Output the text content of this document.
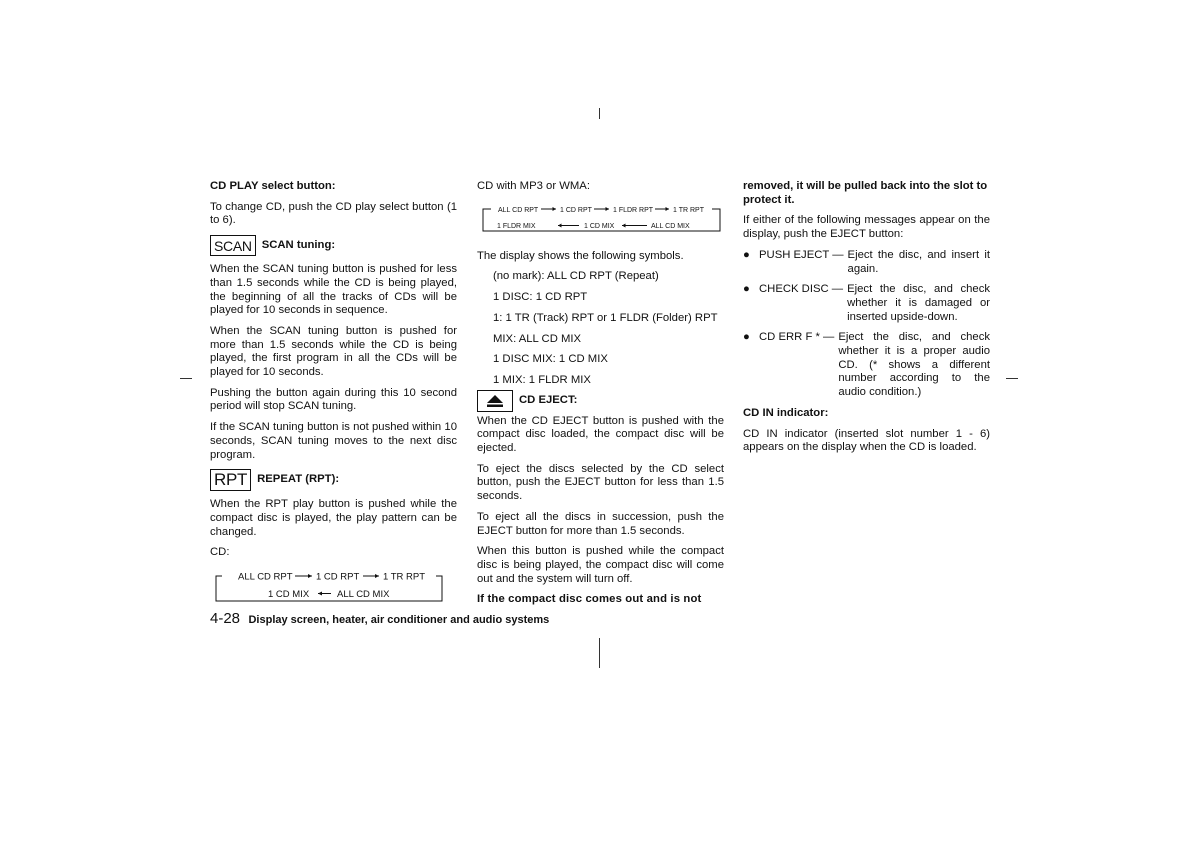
CD PLAY select button:

To change CD, push the CD play select button (1 to 6).

SCAN SCAN tuning:

When the SCAN tuning button is pushed for less than 1.5 seconds while the CD is being played, the beginning of all the tracks of CDs will be played for 10 seconds in sequence.

When the SCAN tuning button is pushed for more than 1.5 seconds while the CD is being played, the first program in all the CDs will be played for 10 seconds.

Pushing the button again during this 10 second period will stop SCAN tuning.

If the SCAN tuning button is not pushed within 10 seconds, SCAN tuning moves to the next disc program.

RPT REPEAT (RPT):

When the RPT play button is pushed while the compact disc is played, the play pattern can be changed.

CD:

ALL CD RPT 1 CD RPT 1 TR RPT
1 CD MIX	ALL CD MIX

CD with MP3 or WMA:

ALL CD RPT	1 CD RPT	1 FLDR RPT	1 TR RPT
1 FLDR MIX	1 CD MIX	ALL CD MIX

The display shows the following symbols.

(no mark): ALL CD RPT (Repeat)

1 DISC: 1 CD RPT

1: 1 TR (Track) RPT or 1 FLDR (Folder) RPT

MIX: ALL CD MIX

1 DISC MIX: 1 CD MIX

1 MIX: 1 FLDR MIX

CD EJECT:

When the CD EJECT button is pushed with the compact disc loaded, the compact disc will be ejected.

To eject the discs selected by the CD select button, push the EJECT button for less than 1.5 seconds.

To eject all the discs in succession, push the EJECT button for more than 1.5 seconds.

When this button is pushed while the compact disc is being played, the compact disc will come out and the system will turn off.

If the compact disc comes out and is not

removed, it will be pulled back into the slot to protect it.

If either of the following messages appear on the display, push the EJECT button:

● PUSH EJECT — Eject the disc, and insert it again.
● CHECK DISC — Eject the disc, and check whether it is damaged or inserted upside-down.
● CD ERR F * — Eject the disc, and check whether it is a proper audio CD. (* shows a different number according to the audio condition.)
CD IN indicator:

CD IN indicator (inserted slot number 1 - 6) appears on the display when the CD is loaded.

4-28 Display screen, heater, air conditioner and audio systems
